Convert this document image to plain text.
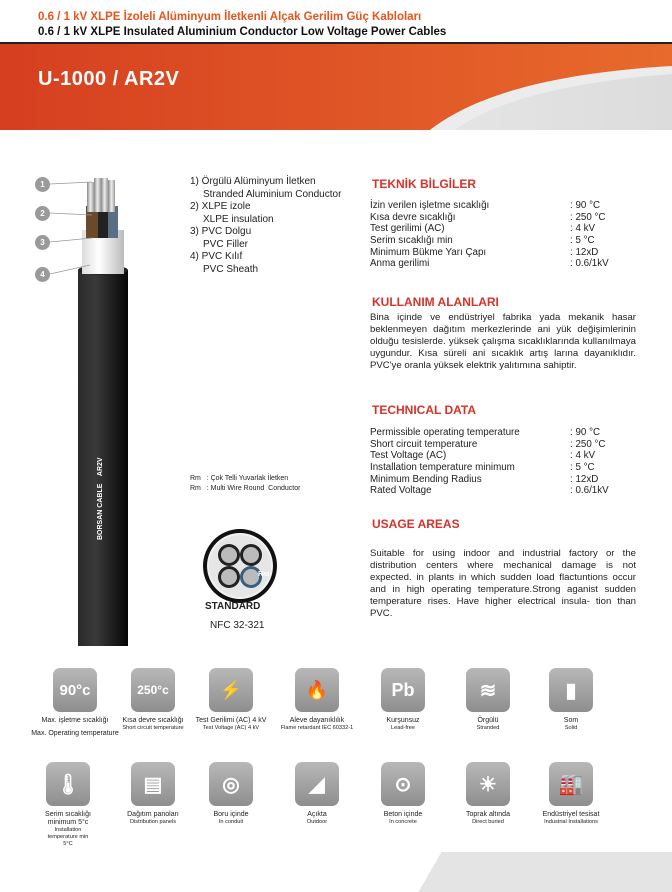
0.6 / 1 kV XLPE İzoleli Alüminyum İletkenli Alçak Gerilim Güç Kabloları
0.6 / 1 kV XLPE Insulated Aluminium Conductor Low Voltage Power Cables
U-1000 / AR2V
1
2
3
4
BORSAN CABLE    AR2V
1) Örgülü Alüminyum İletken
Stranded Aluminium Conductor
2) XLPE izole
XLPE insulation
3) PVC Dolgu
PVC Filler
4) PVC Kılıf
PVC Sheath
Rm   : Çok Telli Yuvarlak İletken
Rm   : Multi Wire Round  Conductor
Rm
STANDARD
NFC 32-321
TEKNİK BİLGİLER
İzin verilen işletme sıcaklığı	: 90 °C
Kısa devre sıcaklığı	: 250 °C
Test gerilimi (AC)	: 4 kV
Serim sıcaklığı min	: 5 °C
Minimum Bükme Yarı Çapı	: 12xD
Anma gerilimi	: 0.6/1kV
KULLANIM ALANLARI
Bina içinde ve endüstriyel fabrika yada mekanik hasar beklenmeyen dağıtım merkezlerinde ani yük değişimlerinin olduğu tesislerde. yüksek çalışma sıcaklıklarında kullanılmaya uygundur. Kısa süreli ani sıcaklık artış larına dayanıklıdır. PVC'ye oranla yüksek elektrik yalıtımına sahiptir.
TECHNICAL DATA
Permissible operating temperature	: 90 °C
Short circuit temperature	: 250 °C
Test Voltage (AC)	: 4 kV
Installation temperature minimum	: 5 °C
Minimum Bending Radius	: 12xD
Rated Voltage	: 0.6/1kV
USAGE AREAS
Suitable for using indoor and industrial factory or the distribution centers where mechanical damage is not expected. in plants in which sudden load flactuntions occur and in high operating temperature.Strong aganist sudden temperature rises. Have higher electrical insula- tion than PVC.
90°c
Max. işletme sıcaklığı
Max. Operating temperature
250°c
Kısa devre sıcaklığı
Short circuit temperature
⚡
Test Gerilimi (AC) 4 kV
Test Voltage (AC) 4 kV
🔥
Aleve dayanıklılık
Flame retardant IEC 60332-1
Pb
Kurşunsuz
Lead-free
≋
Örgülü
Stranded
▮
Som
Solid
🌡
Serim sıcaklığı minimum 5°c
Installation temperature min 5°C
▤
Dağıtım panoları
Distribution panels
◎
Boru içinde
In conduit
◢
Açıkta
Outdoor
⊙
Beton içinde
In concrete
☀
Toprak altında
Direct buried
🏭
Endüstriyel tesisat
Industrial Installations
